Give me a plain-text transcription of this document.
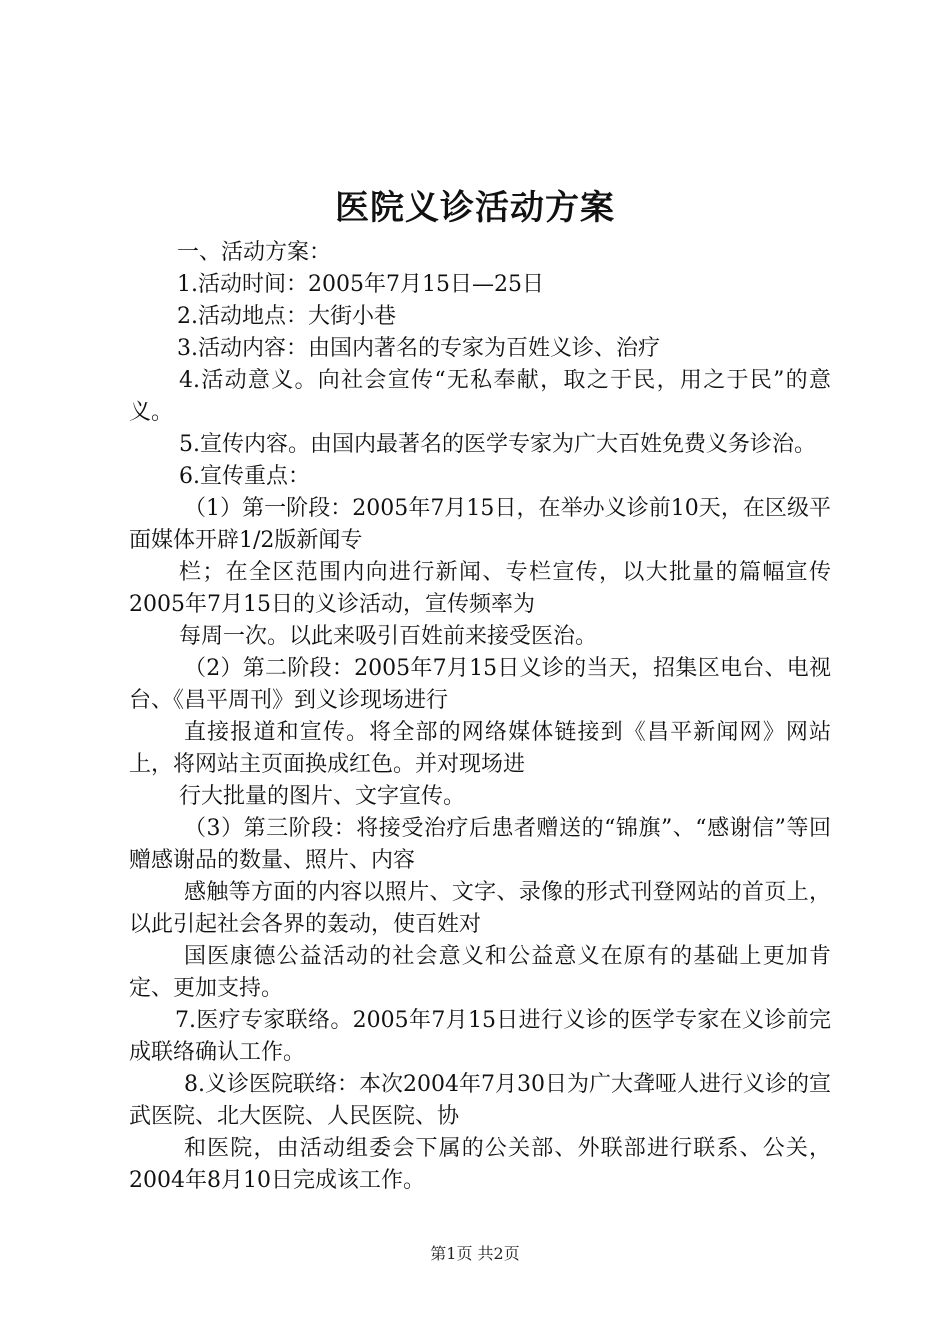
医院义诊活动方案

一、活动方案：

1.活动时间：2005年7月15日—25日

2.活动地点：大街小巷

3.活动内容：由国内著名的专家为百姓义诊、治疗

4.活动意义。向社会宣传“无私奉献，取之于民，用之于民”的意义。

5.宣传内容。由国内最著名的医学专家为广大百姓免费义务诊治。

6.宣传重点：

（1）第一阶段：2005年7月15日，在举办义诊前10天，在区级平面媒体开辟1/2版新闻专

栏；在全区范围内向进行新闻、专栏宣传，以大批量的篇幅宣传2005年7月15日的义诊活动，宣传频率为

每周一次。以此来吸引百姓前来接受医治。

（2）第二阶段：2005年7月15日义诊的当天，招集区电台、电视台、《昌平周刊》到义诊现场进行

直接报道和宣传。将全部的网络媒体链接到《昌平新闻网》网站上，将网站主页面换成红色。并对现场进

行大批量的图片、文字宣传。

（3）第三阶段：将接受治疗后患者赠送的“锦旗”、“感谢信”等回赠感谢品的数量、照片、内容

感触等方面的内容以照片、文字、录像的形式刊登网站的首页上，以此引起社会各界的轰动，使百姓对

国医康德公益活动的社会意义和公益意义在原有的基础上更加肯定、更加支持。

7.医疗专家联络。2005年7月15日进行义诊的医学专家在义诊前完成联络确认工作。

8.义诊医院联络：本次2004年7月30日为广大聋哑人进行义诊的宣武医院、北大医院、人民医院、协

和医院，由活动组委会下属的公关部、外联部进行联系、公关，2004年8月10日完成该工作。

第1页 共2页
